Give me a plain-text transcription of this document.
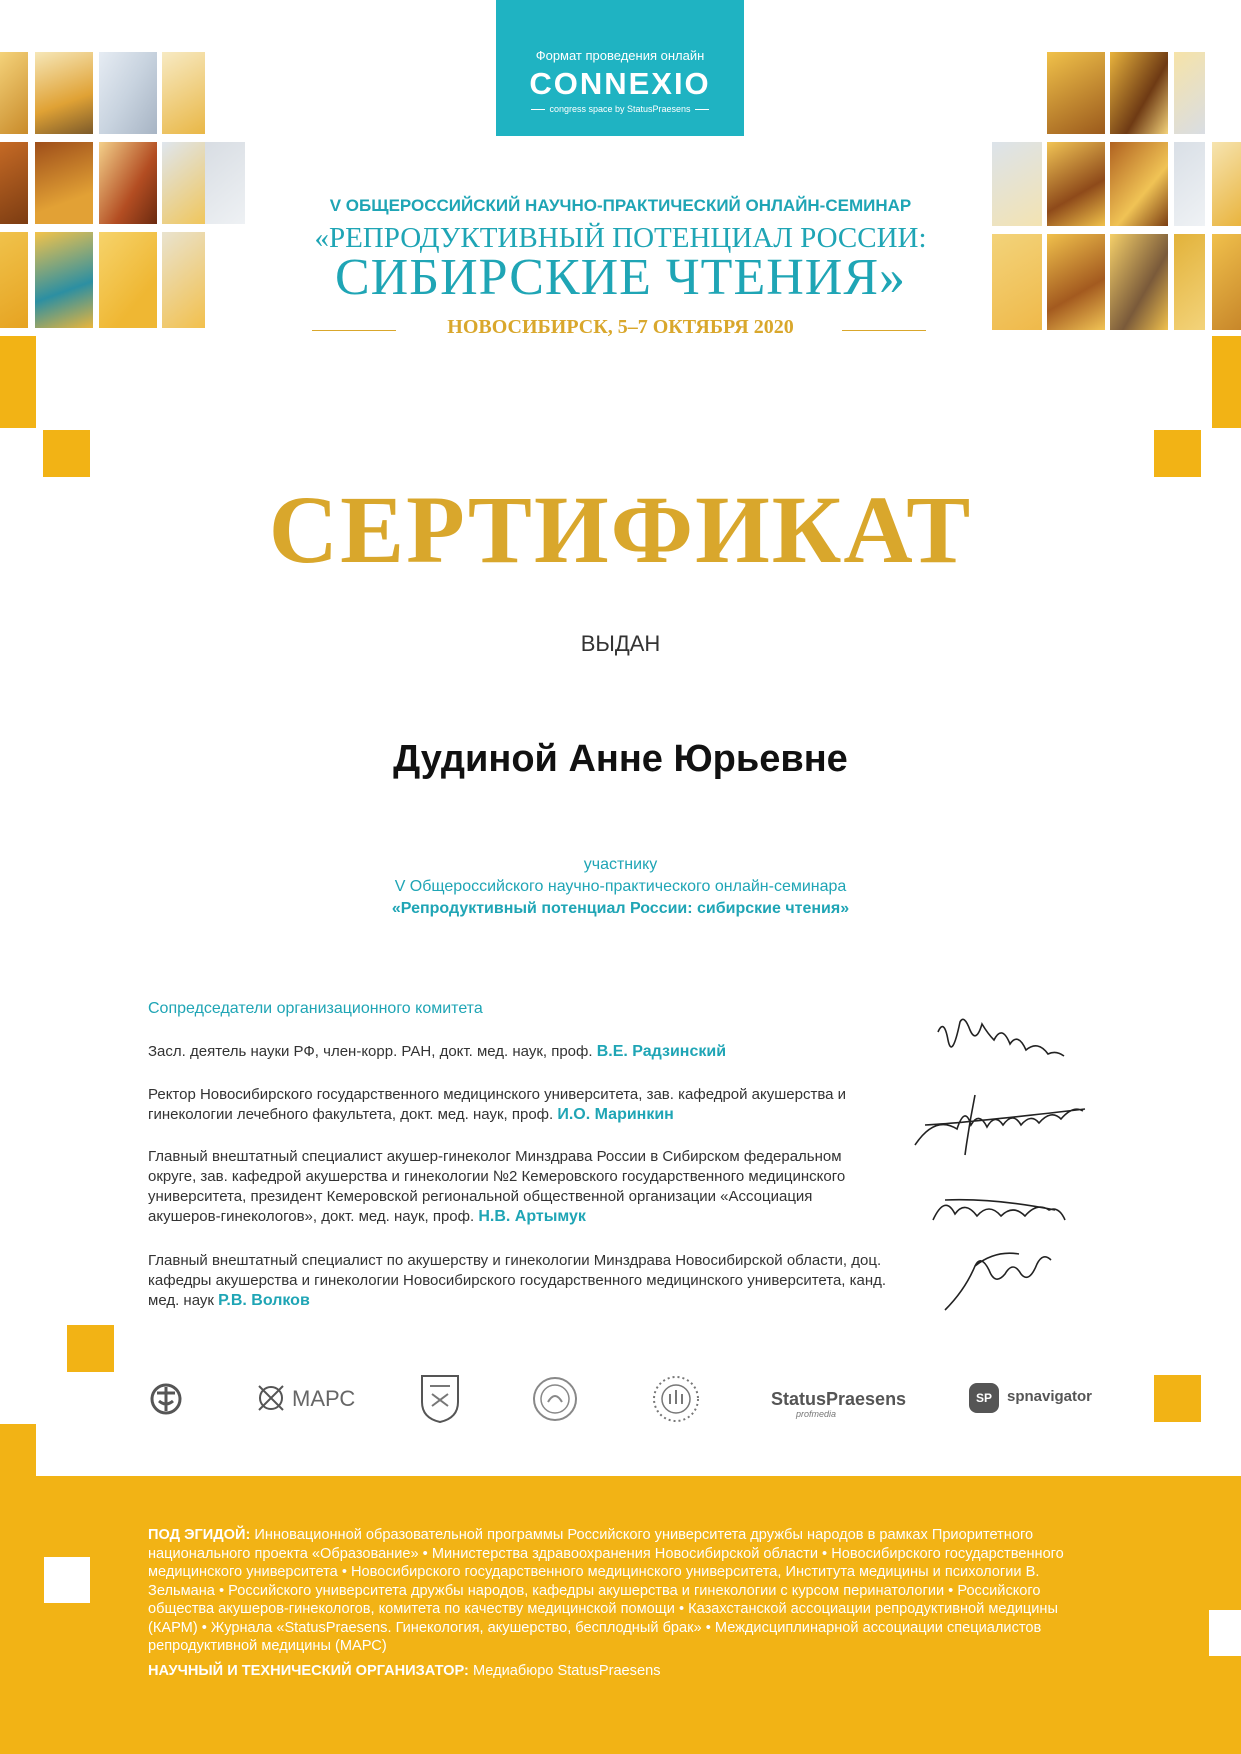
Формат проведения онлайн
CONNEXIO
congress space by StatusPraesens
V ОБЩЕРОССИЙСКИЙ НАУЧНО-ПРАКТИЧЕСКИЙ ОНЛАЙН-СЕМИНАР
«РЕПРОДУКТИВНЫЙ ПОТЕНЦИАЛ РОССИИ:
СИБИРСКИЕ ЧТЕНИЯ»
НОВОСИБИРСК, 5–7 ОКТЯБРЯ 2020
СЕРТИФИКАТ
ВЫДАН
Дудиной Анне Юрьевне
участнику
V Общероссийского научно-практического онлайн-семинара
«Репродуктивный потенциал России: сибирские чтения»
Сопредседатели организационного комитета
Засл. деятель науки РФ, член-корр. РАН, докт. мед. наук, проф. В.Е. Радзинский
Ректор Новосибирского государственного медицинского университета, зав. кафедрой акушерства и гинекологии лечебного факультета, докт. мед. наук, проф. И.О. Маринкин
Главный внештатный специалист акушер-гинеколог Минздрава России в Сибирском федеральном округе, зав. кафедрой акушерства и гинекологии №2 Кемеровского государственного медицинского университета, президент Кемеровской региональной общественной организации «Ассоциация акушеров-гинекологов», докт. мед. наук, проф. Н.В. Артымук
Главный внештатный специалист по акушерству и гинекологии Минздрава Новосибирской области, доц. кафедры акушерства и гинекологии Новосибирского государственного медицинского университета, канд. мед. наук Р.В. Волков
МАРС	StatusPraesens
profmedia
SP	spnavigator
ПОД ЭГИДОЙ: Инновационной образовательной программы Российского университета дружбы народов в рамках Приоритетного национального проекта «Образование» • Министерства здравоохранения Новосибирской области • Новосибирского государственного медицинского университета • Новосибирского государственного медицинского университета, Института медицины и психологии В. Зельмана • Российского университета дружбы народов, кафедры акушерства и гинекологии с курсом перинатологии • Российского общества акушеров-гинекологов, комитета по качеству медицинской помощи • Казахстанской ассоциации репродуктивной медицины (КАРМ) • Журнала «StatusPraesens. Гинекология, акушерство, бесплодный брак» • Междисциплинарной ассоциации специалистов репродуктивной медицины (МАРС)
НАУЧНЫЙ И ТЕХНИЧЕСКИЙ ОРГАНИЗАТОР: Медиабюро StatusPraesens
